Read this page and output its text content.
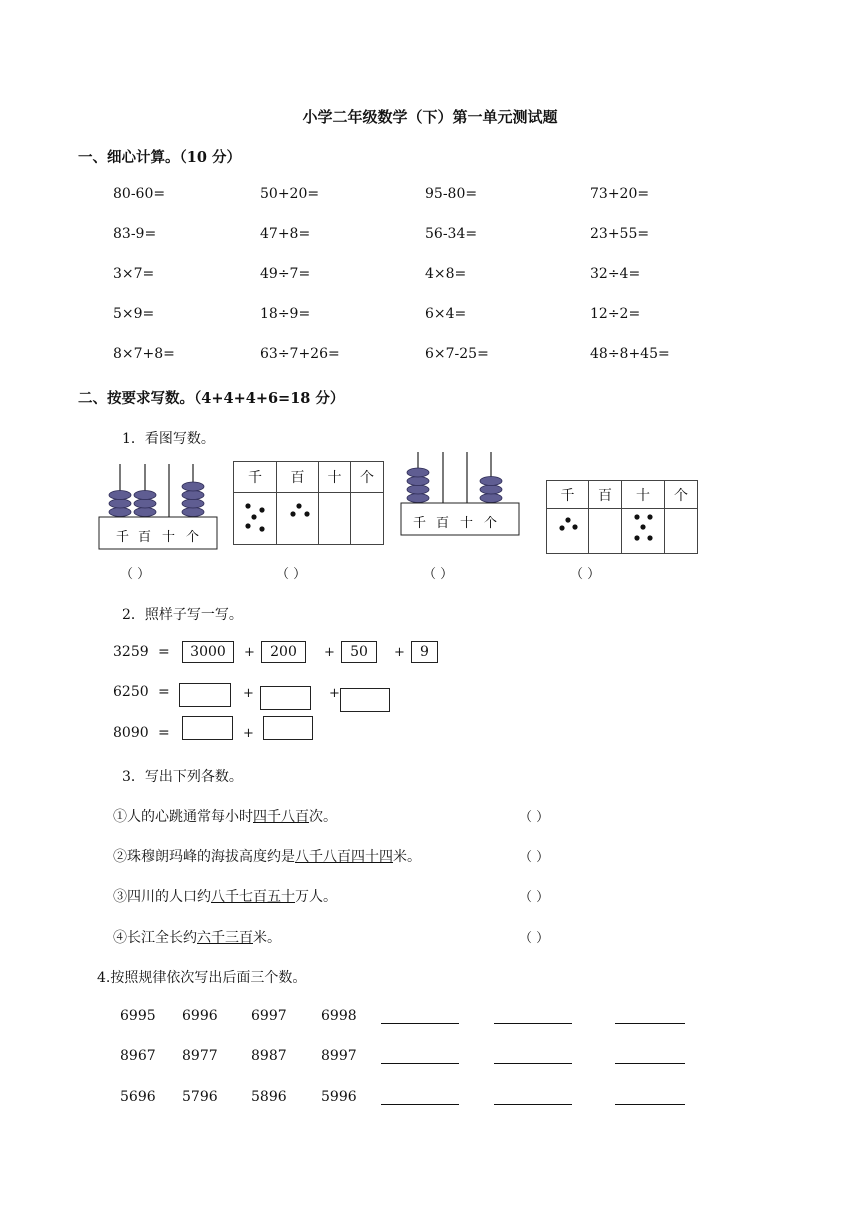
小学二年级数学（下）第一单元测试题
一、细心计算。（10 分）
80-60=	50+20=	95-80=	73+20=
83-9=	47+8=	56-34=	23+55=
3×7=	49÷7=	4×8=	32÷4=
5×9=	18÷9=	6×4=	12÷2=
8×7+8=	63÷7+26=	6×7-25=	48÷8+45=
二、按要求写数。（4+4+4+6=18 分）
1．看图写数。
千 百 十 个
千	百	十	个

千 百 十 个
千	百	十	个

（ ）	（ ）	（ ）	（ ）
2．照样子写一写。
3259 =	3000	+	200	+	50	+	9
6250 =	+	+
8090 =	+
3．写出下列各数。
①人的心跳通常每小时四千八百次。	（ ）
②珠穆朗玛峰的海拔高度约是八千八百四十四米。	（ ）
③四川的人口约八千七百五十万人。	（ ）
④长江全长约六千三百米。	（ ）
4.按照规律依次写出后面三个数。
6995 6996 6997 6998
8967 8977 8987 8997
5696 5796 5896 5996
